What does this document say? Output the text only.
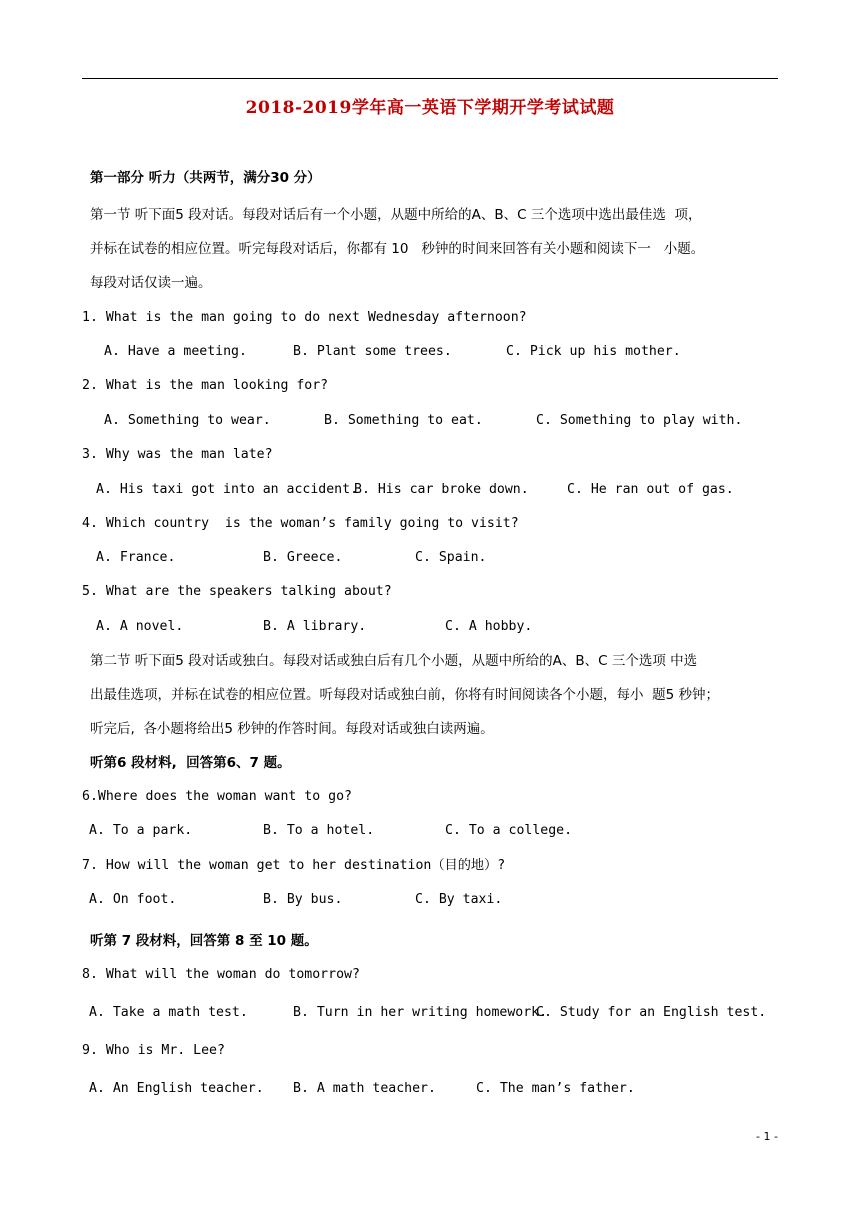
2018-2019学年高一英语下学期开学考试试题
第一部分 听力（共两节，满分30 分）
第一节 听下面5 段对话。每段对话后有一个小题，从题中所给的A、B、C 三个选项中选出最佳选  项，
并标在试卷的相应位置。听完每段对话后，你都有 10   秒钟的时间来回答有关小题和阅读下一   小题。
每段对话仅读一遍。
1. What is the man going to do next Wednesday afternoon?
A. Have a meeting.	B. Plant some trees.	C. Pick up his mother.
2. What is the man looking for?
A. Something to wear.	B. Something to eat.	C. Something to play with.
3. Why was the man late?
A. His taxi got into an accident.
B. His car broke down.	C. He ran out of gas.
4. Which country  is the woman’s family going to visit?
A. France.	B. Greece.	C. Spain.
5. What are the speakers talking about?
A. A novel.	B. A library.	C. A hobby.
第二节 听下面5 段对话或独白。每段对话或独白后有几个小题，从题中所给的A、B、C 三个选项 中选
出最佳选项，并标在试卷的相应位置。听每段对话或独白前，你将有时间阅读各个小题，每小  题5 秒钟；
听完后,  各小题将给出5 秒钟的作答时间。每段对话或独白读两遍。
听第6 段材料,  回答第6、7 题。
6.Where does the woman want to go?
A. To a park.	B. To a hotel.	C. To a college.
7. How will the woman get to her destination（目的地）?
A. On foot.	B. By bus.	C. By taxi.
听第 7 段材料，回答第 8 至 10 题。
8. What will the woman do tomorrow?
A. Take a math test.	B. Turn in her writing homework.
C. Study for an English test.
9. Who is Mr. Lee?
A. An English teacher. B. A math teacher.	C. The man’s father.
- 1 -
